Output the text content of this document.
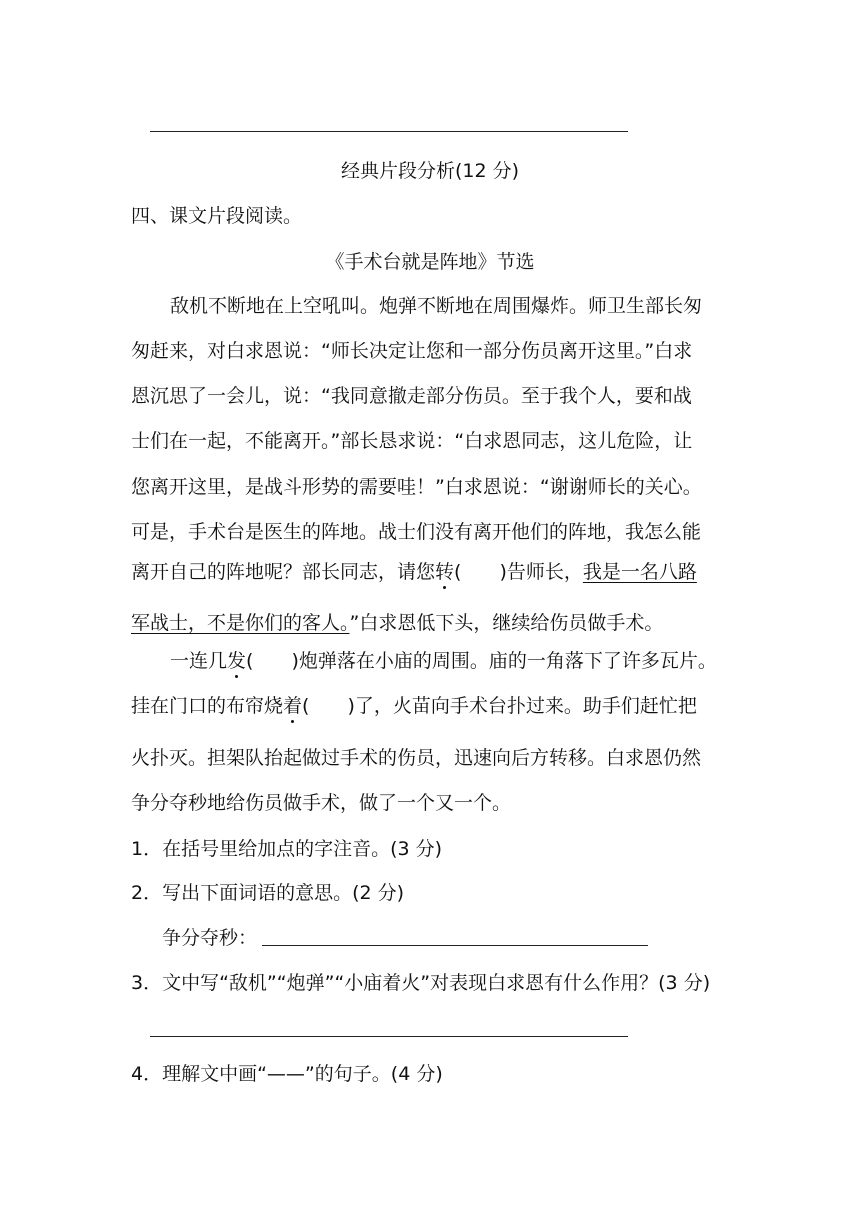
经典片段分析(12 分)
四、课文片段阅读。
《手术台就是阵地》节选
敌机不断地在上空吼叫。炮弹不断地在周围爆炸。师卫生部长匆
匆赶来，对白求恩说：“师长决定让您和一部分伤员离开这里。”白求
恩沉思了一会儿，说：“我同意撤走部分伤员。至于我个人，要和战
士们在一起，不能离开。”部长恳求说：“白求恩同志，这儿危险，让
您离开这里，是战斗形势的需要哇！”白求恩说：“谢谢师长的关心。
可是，手术台是医生的阵地。战士们没有离开他们的阵地，我怎么能
离开自己的阵地呢？部长同志，请您转( )告师长，我是一名八路
军战士，不是你们的客人。”白求恩低下头，继续给伤员做手术。
一连几发( )炮弹落在小庙的周围。庙的一角落下了许多瓦片。
挂在门口的布帘烧着( )了，火苗向手术台扑过来。助手们赶忙把
火扑灭。担架队抬起做过手术的伤员，迅速向后方转移。白求恩仍然
争分夺秒地给伤员做手术，做了一个又一个。
1．在括号里给加点的字注音。(3 分)
2．写出下面词语的意思。(2 分)
争分夺秒：
3．文中写“敌机”“炮弹”“小庙着火”对表现白求恩有什么作用？(3 分)
4．理解文中画“——”的句子。(4 分)
